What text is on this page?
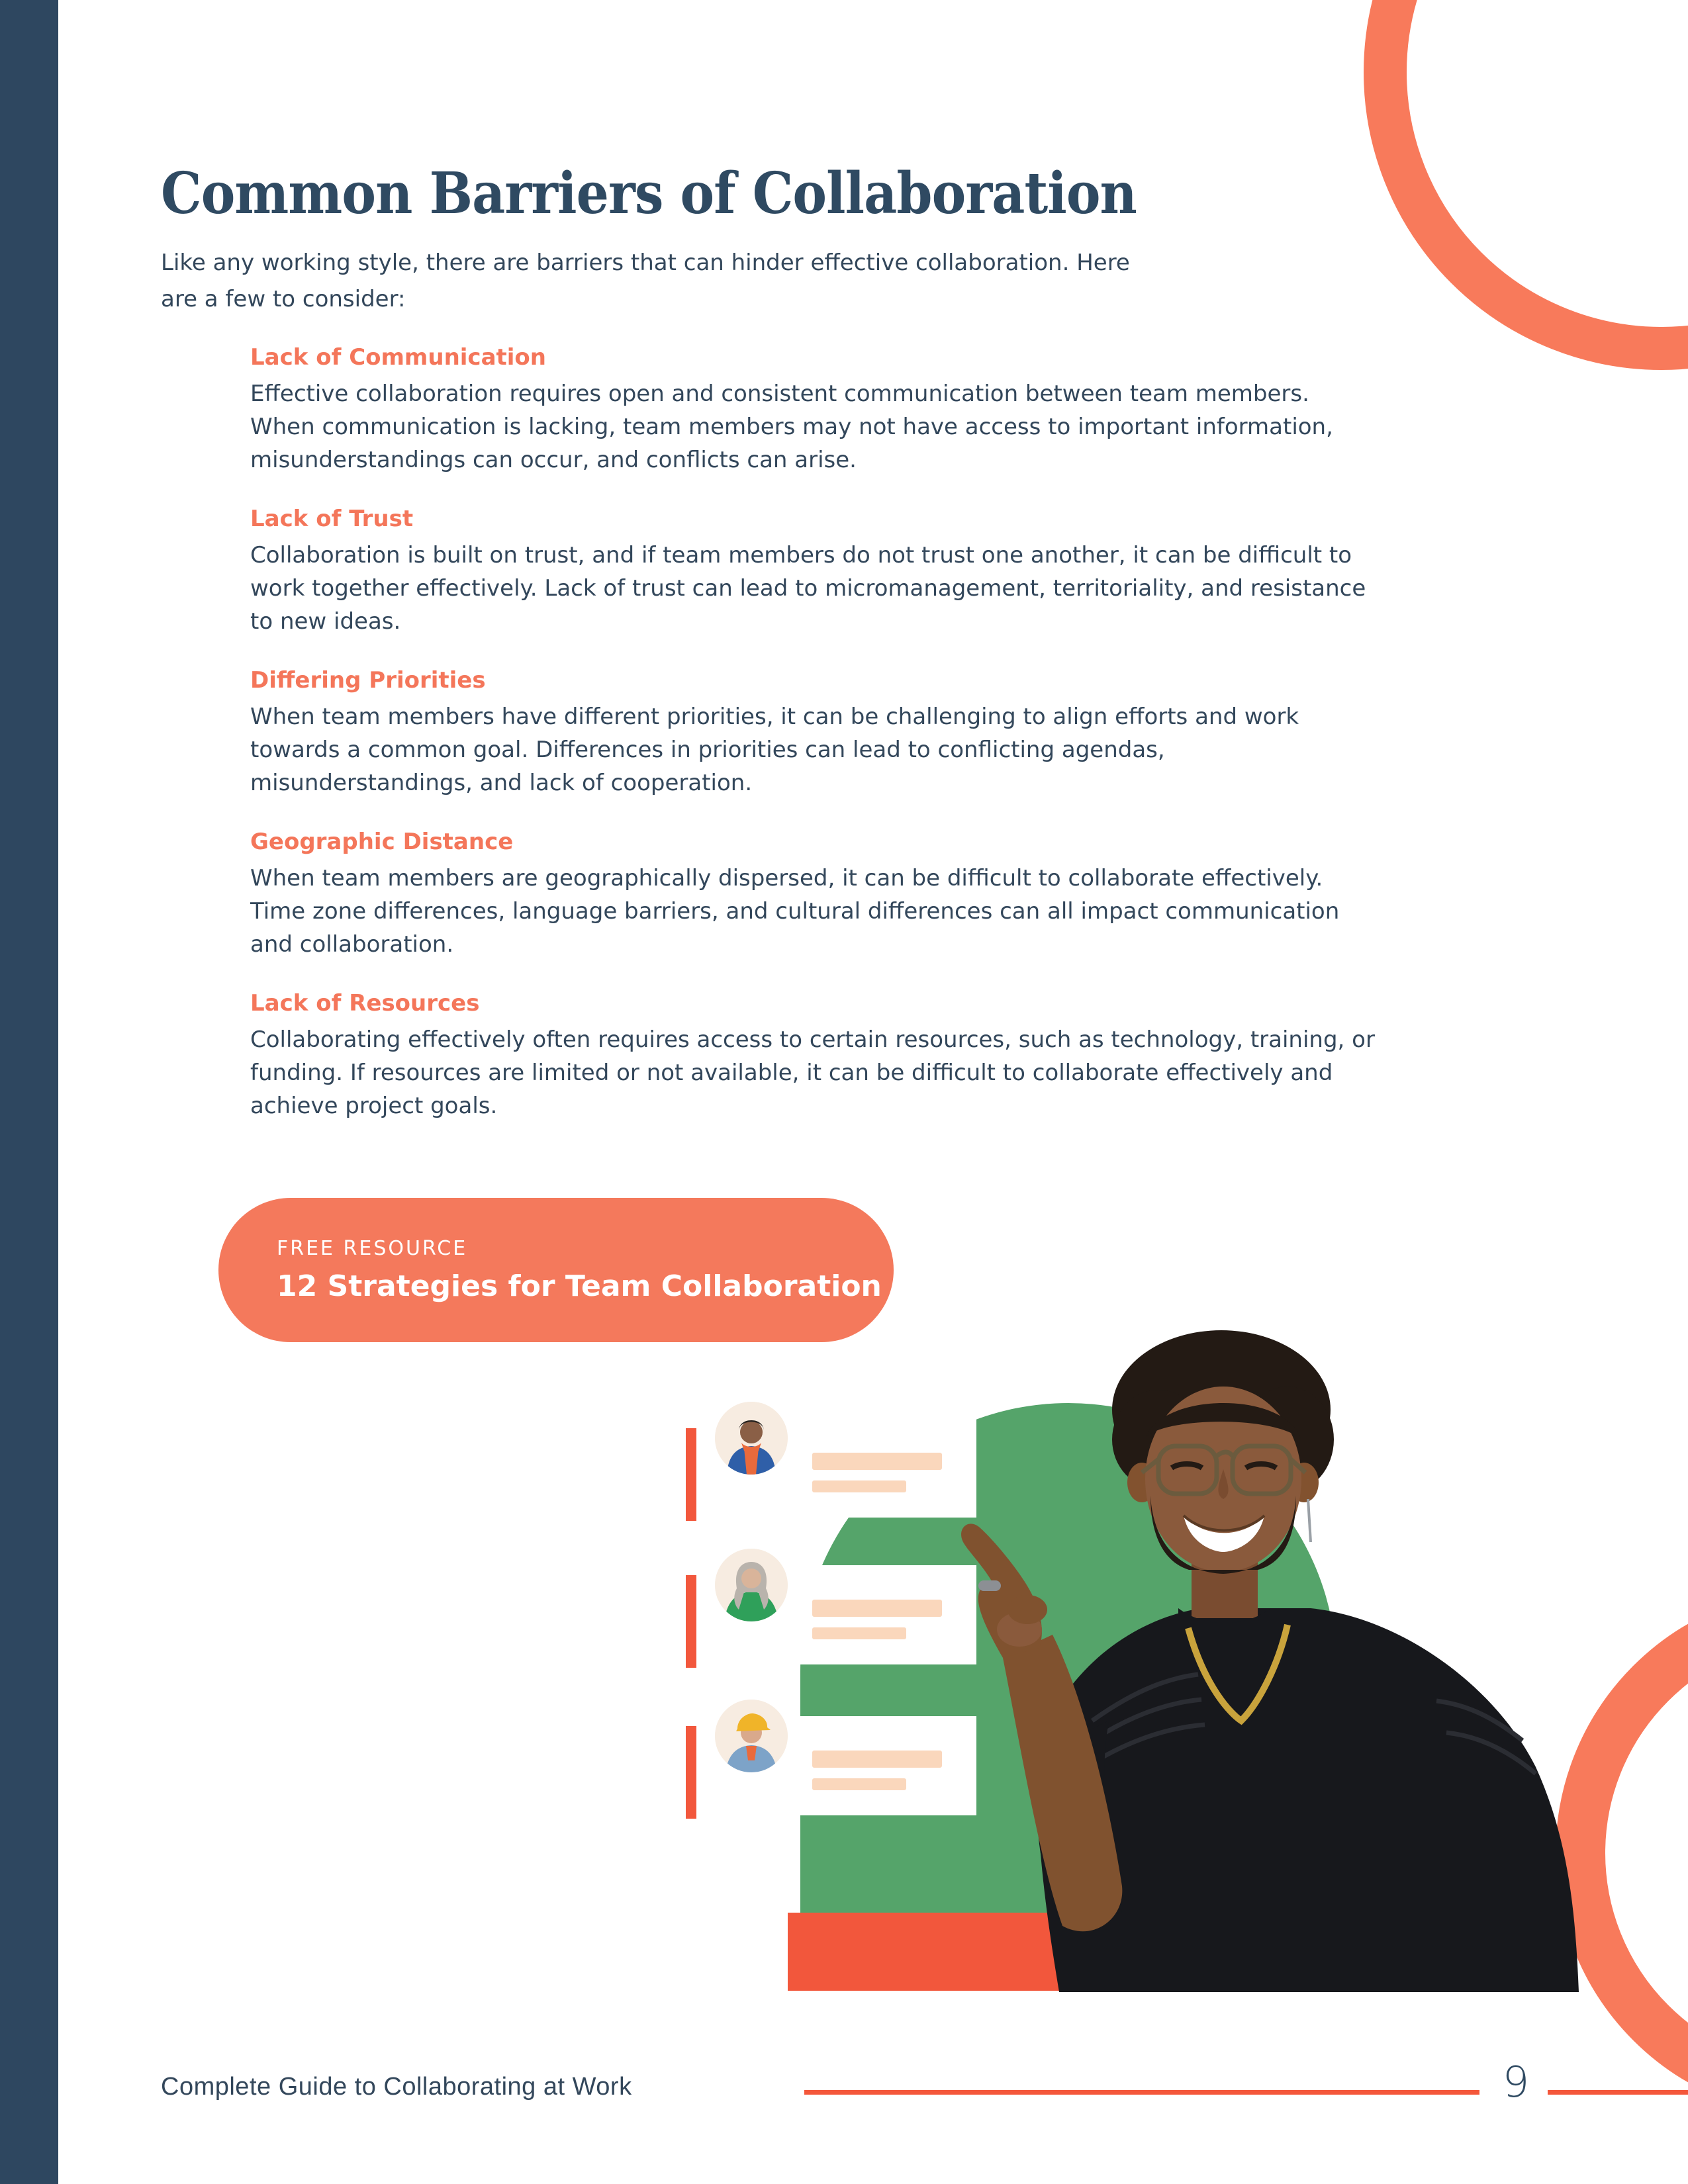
Common Barriers of Collaboration
Like any working style, there are barriers that can hinder effective collaboration. Here are a few to consider:
Lack of Communication

Effective collaboration requires open and consistent communication between team members. When communication is lacking, team members may not have access to important information, misunderstandings can occur, and conflicts can arise.

Lack of Trust

Collaboration is built on trust, and if team members do not trust one another, it can be difficult to work together effectively. Lack of trust can lead to micromanagement, territoriality, and resistance to new ideas.

Differing Priorities

When team members have different priorities, it can be challenging to align efforts and work towards a common goal. Differences in priorities can lead to conflicting agendas, misunderstandings, and lack of cooperation.

Geographic Distance

When team members are geographically dispersed, it can be difficult to collaborate effectively. Time zone differences, language barriers, and cultural differences can all impact communication and collaboration.

Lack of Resources

Collaborating effectively often requires access to certain resources, such as technology, training, or funding. If resources are limited or not available, it can be difficult to collaborate effectively and achieve project goals.

FREE RESOURCE
12 Strategies for Team Collaboration
Complete Guide to Collaborating at Work	9
